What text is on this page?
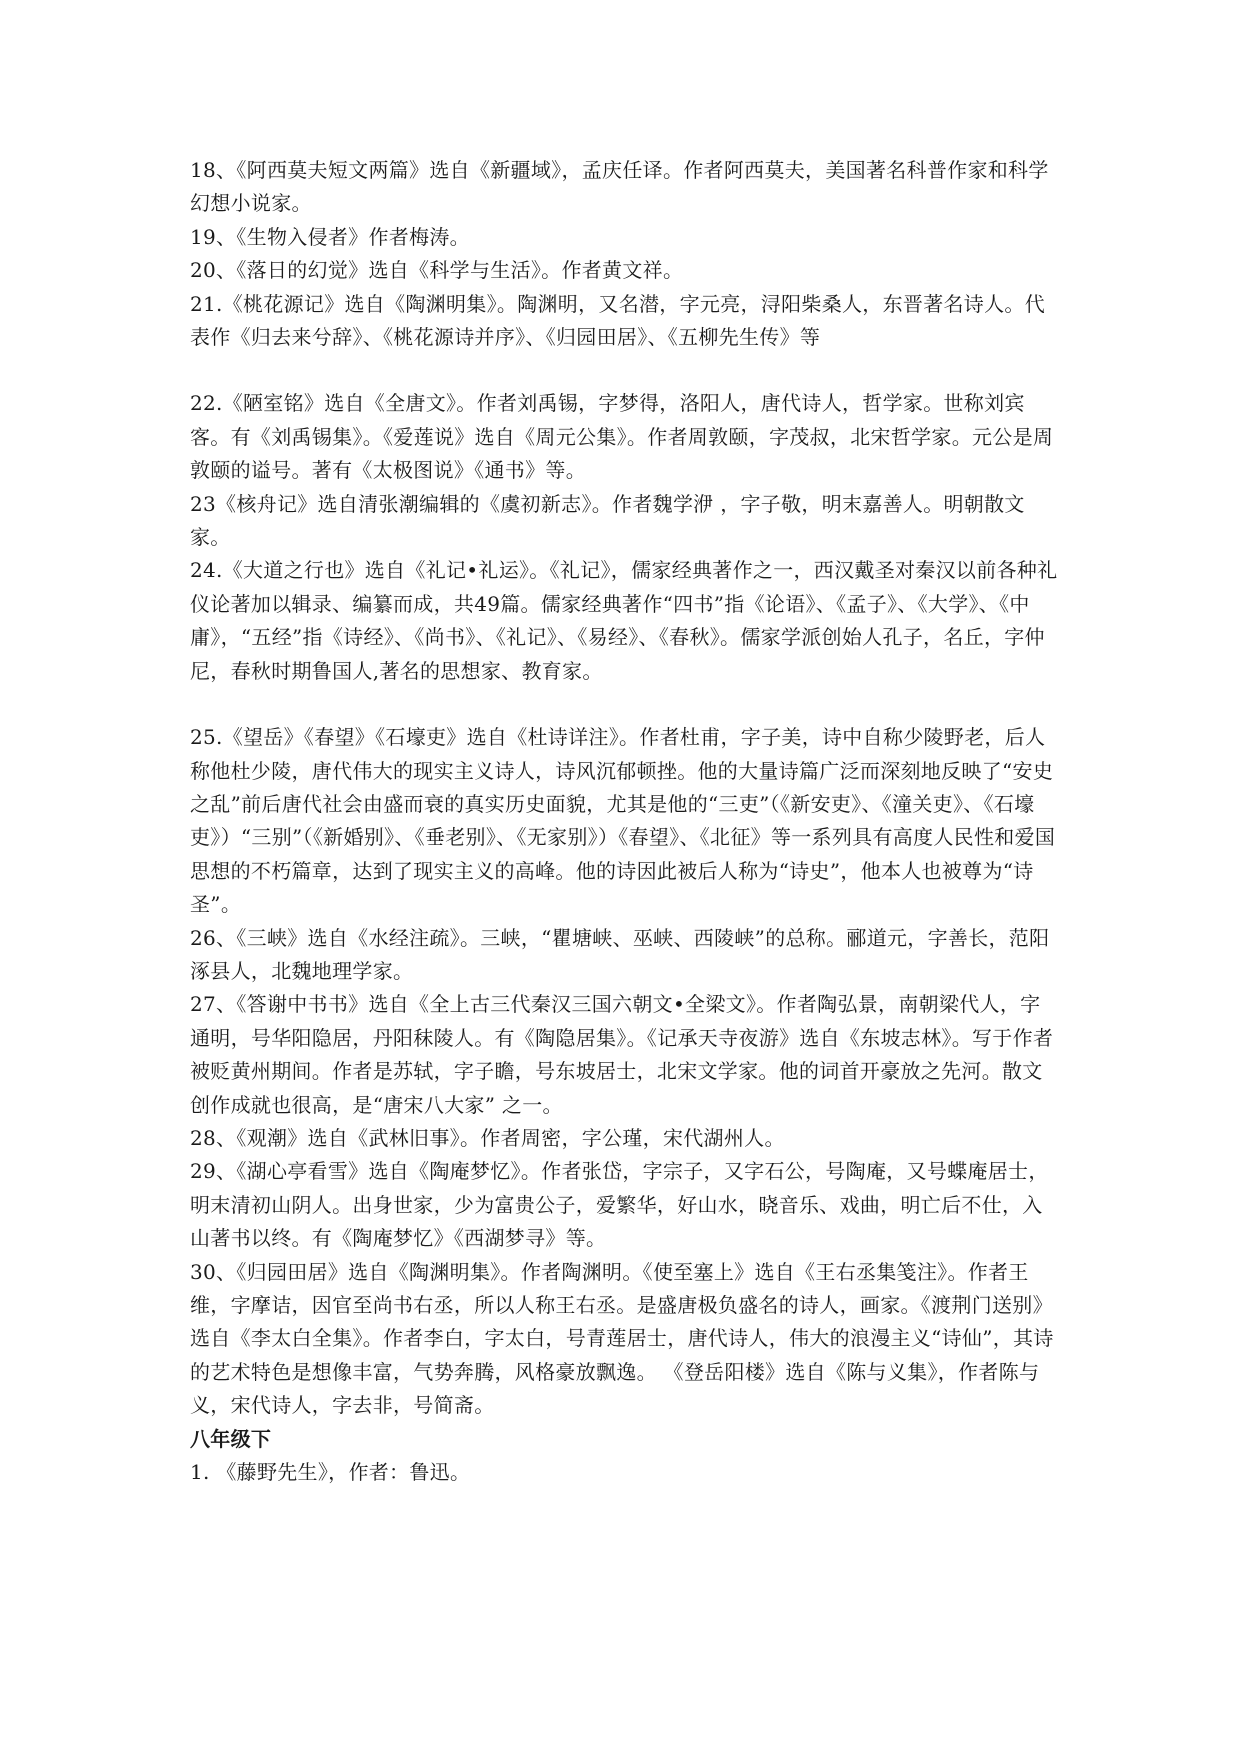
18、《阿西莫夫短文两篇》选自《新疆域》，孟庆任译。作者阿西莫夫，美国著名科普作家和科学幻想小说家。

19、《生物入侵者》作者梅涛。

20、《落日的幻觉》选自《科学与生活》。作者黄文祥。

21.《桃花源记》选自《陶渊明集》。陶渊明，又名潜，字元亮，浔阳柴桑人，东晋著名诗人。代表作《归去来兮辞》、《桃花源诗并序》、《归园田居》、《五柳先生传》等

22.《陋室铭》选自《全唐文》。作者刘禹锡，字梦得，洛阳人，唐代诗人，哲学家。世称刘宾客。有《刘禹锡集》。《爱莲说》选自《周元公集》。作者周敦颐，字茂叔，北宋哲学家。元公是周敦颐的谥号。著有《太极图说》《通书》等。

23《核舟记》选自清张潮编辑的《虞初新志》。作者魏学洢 ，字子敬，明末嘉善人。明朝散文家。

24.《大道之行也》选自《礼记•礼运》。《礼记》，儒家经典著作之一，西汉戴圣对秦汉以前各种礼仪论著加以辑录、编纂而成，共49篇。儒家经典著作“四书”指《论语》、《孟子》、《大学》、《中庸》，“五经”指《诗经》、《尚书》、《礼记》、《易经》、《春秋》。儒家学派创始人孔子，名丘，字仲尼，春秋时期鲁国人,著名的思想家、教育家。

25.《望岳》《春望》《石壕吏》选自《杜诗详注》。作者杜甫，字子美，诗中自称少陵野老，后人称他杜少陵，唐代伟大的现实主义诗人，诗风沉郁顿挫。他的大量诗篇广泛而深刻地反映了“安史之乱”前后唐代社会由盛而衰的真实历史面貌，尤其是他的“三吏”（《新安吏》、《潼关吏》、《石壕吏》）“三别”（《新婚别》、《垂老别》、《无家别》）《春望》、《北征》等一系列具有高度人民性和爱国思想的不朽篇章，达到了现实主义的高峰。他的诗因此被后人称为“诗史”，他本人也被尊为“诗圣”。

26、《三峡》选自《水经注疏》。三峡，“瞿塘峡、巫峡、西陵峡”的总称。郦道元，字善长，范阳涿县人，北魏地理学家。

27、《答谢中书书》选自《全上古三代秦汉三国六朝文•全梁文》。作者陶弘景，南朝梁代人，字通明，号华阳隐居，丹阳秣陵人。有《陶隐居集》。《记承天寺夜游》选自《东坡志林》。写于作者被贬黄州期间。作者是苏轼，字子瞻，号东坡居士，北宋文学家。他的词首开豪放之先河。散文创作成就也很高，是“唐宋八大家” 之一。

28、《观潮》选自《武林旧事》。作者周密，字公瑾，宋代湖州人。

29、《湖心亭看雪》选自《陶庵梦忆》。作者张岱，字宗子，又字石公，号陶庵，又号蝶庵居士，明末清初山阴人。出身世家，少为富贵公子，爱繁华，好山水，晓音乐、戏曲，明亡后不仕，入山著书以终。有《陶庵梦忆》《西湖梦寻》等。

30、《归园田居》选自《陶渊明集》。作者陶渊明。《使至塞上》选自《王右丞集笺注》。作者王维，字摩诘，因官至尚书右丞，所以人称王右丞。是盛唐极负盛名的诗人，画家。《渡荆门送别》选自《李太白全集》。作者李白，字太白，号青莲居士，唐代诗人，伟大的浪漫主义“诗仙”，其诗的艺术特色是想像丰富，气势奔腾，风格豪放飘逸。 《登岳阳楼》选自《陈与义集》，作者陈与义，宋代诗人，字去非，号简斋。

八年级下

1. 《藤野先生》，作者：鲁迅。
